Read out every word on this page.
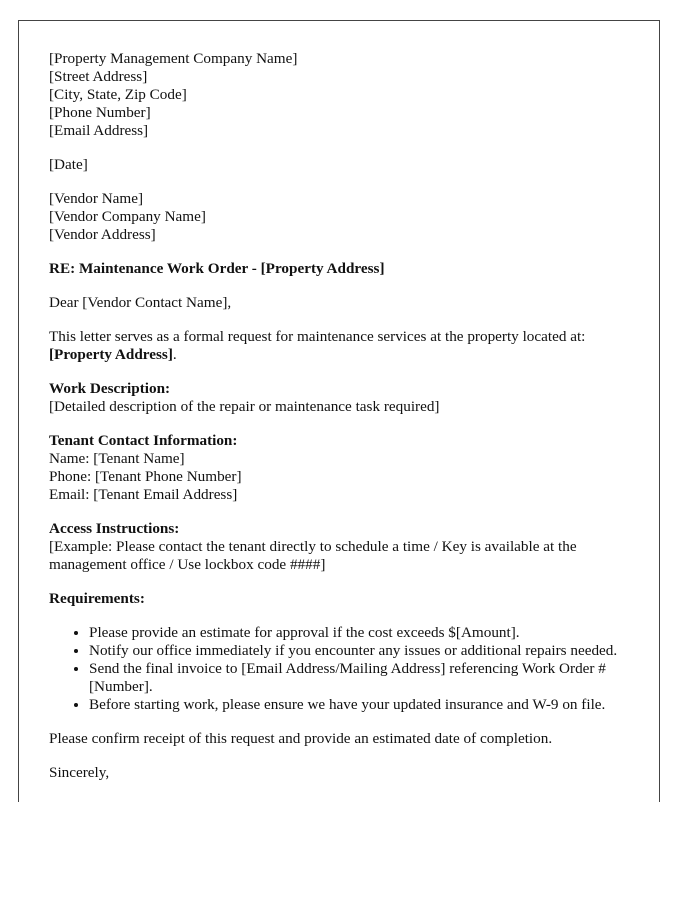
[Property Management Company Name]
[Street Address]
[City, State, Zip Code]
[Phone Number]
[Email Address]
[Date]
[Vendor Name]
[Vendor Company Name]
[Vendor Address]
RE: Maintenance Work Order - [Property Address]
Dear [Vendor Contact Name],
This letter serves as a formal request for maintenance services at the property located at: [Property Address].
Work Description:
[Detailed description of the repair or maintenance task required]
Tenant Contact Information:
Name: [Tenant Name]
Phone: [Tenant Phone Number]
Email: [Tenant Email Address]
Access Instructions:
[Example: Please contact the tenant directly to schedule a time / Key is available at the management office / Use lockbox code ####]
Requirements:
• Please provide an estimate for approval if the cost exceeds $[Amount].
• Notify our office immediately if you encounter any issues or additional repairs needed.
• Send the final invoice to [Email Address/Mailing Address] referencing Work Order #[Number].
• Before starting work, please ensure we have your updated insurance and W-9 on file.
Please confirm receipt of this request and provide an estimated date of completion.
Sincerely,
